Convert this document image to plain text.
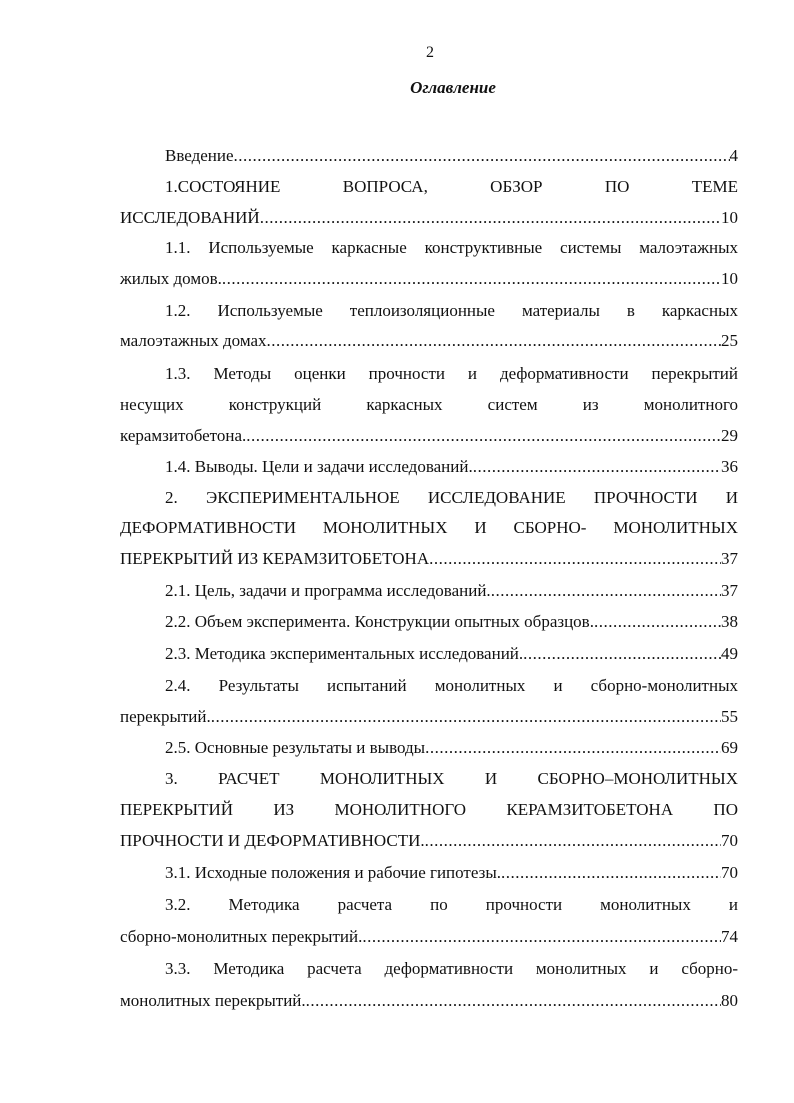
2
Оглавление
Введение .....	4
1.СОСТОЯНИЕ ВОПРОСА, ОБЗОР ПО ТЕМЕ
ИССЛЕДОВАНИЙ .....	10
1.1. Используемые каркасные конструктивные системы малоэтажных
жилых домов. .....	10
1.2. Используемые теплоизоляционные материалы в каркасных
малоэтажных домах .....	25
1.3. Методы оценки прочности и деформативности перекрытий
несущих конструкций каркасных систем из монолитного
керамзитобетона. .....	29
1.4. Выводы. Цели и задачи исследований. .....	36
2. ЭКСПЕРИМЕНТАЛЬНОЕ ИССЛЕДОВАНИЕ ПРОЧНОСТИ И
ДЕФОРМАТИВНОСТИ МОНОЛИТНЫХ И СБОРНО- МОНОЛИТНЫХ
ПЕРЕКРЫТИЙ ИЗ КЕРАМЗИТОБЕТОНА .....	37
2.1. Цель, задачи и программа исследований. .....	37
2.2. Объем эксперимента. Конструкции опытных образцов. .....	38
2.3. Методика экспериментальных исследований. .....	49
2.4. Результаты испытаний монолитных и сборно-монолитных
перекрытий. .....	55
2.5. Основные результаты и выводы .....	69
3. РАСЧЕТ МОНОЛИТНЫХ И СБОРНО–МОНОЛИТНЫХ
ПЕРЕКРЫТИЙ ИЗ МОНОЛИТНОГО КЕРАМЗИТОБЕТОНА ПО
ПРОЧНОСТИ И ДЕФОРМАТИВНОСТИ. .....	70
3.1. Исходные положения и рабочие гипотезы. .....	70
3.2. Методика расчета по прочности монолитных и
сборно-монолитных перекрытий. .....	74
3.3. Методика расчета деформативности монолитных и сборно-
монолитных перекрытий. .....	80
